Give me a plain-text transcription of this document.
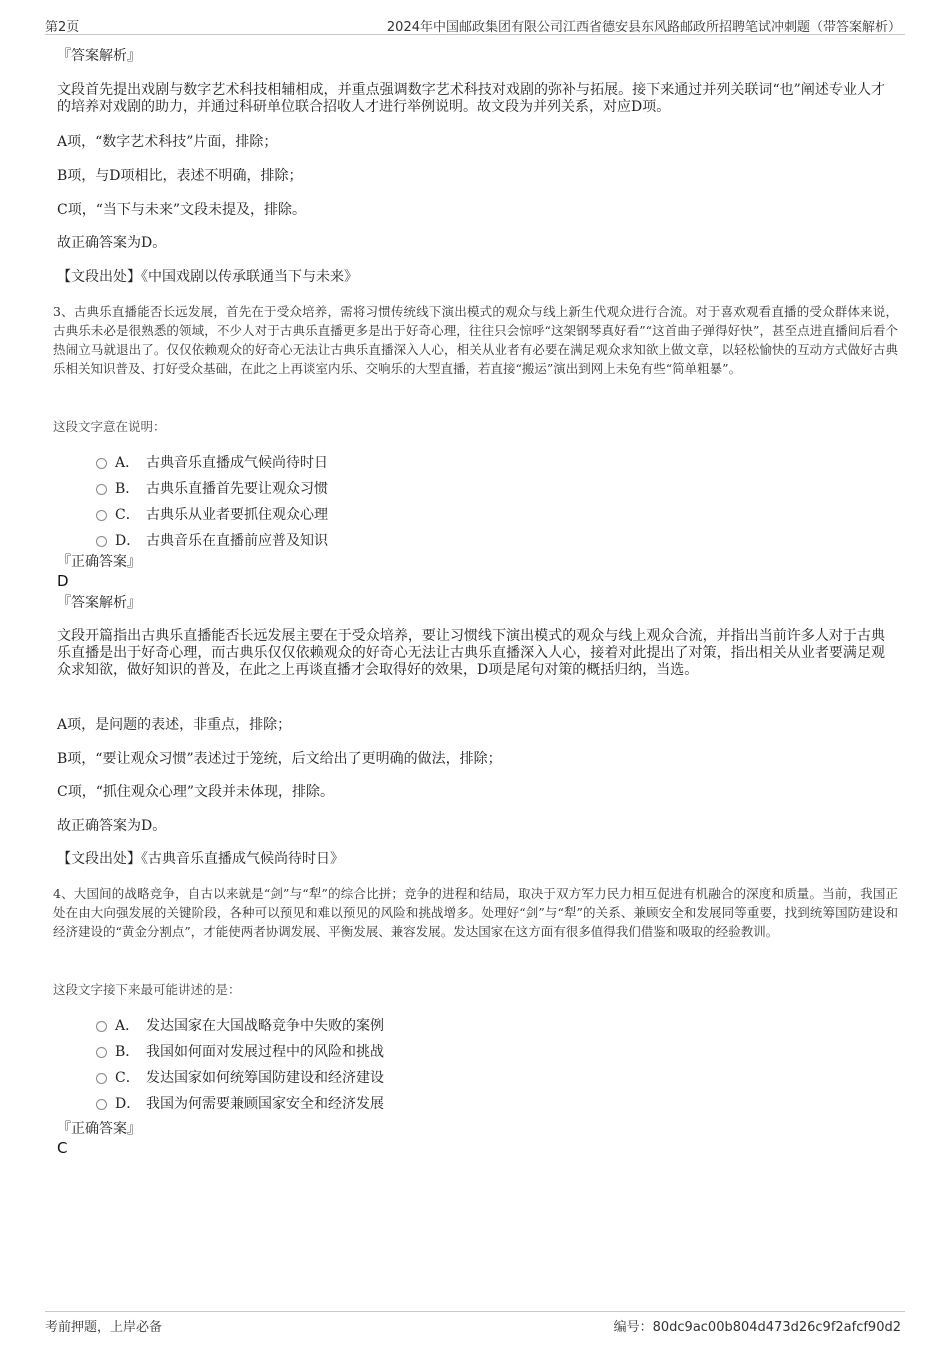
第2页	2024年中国邮政集团有限公司江西省德安县东风路邮政所招聘笔试冲刺题（带答案解析）
『答案解析』
文段首先提出戏剧与数字艺术科技相辅相成，并重点强调数字艺术科技对戏剧的弥补与拓展。接下来通过并列关联词“也”阐述专业人才的培养对戏剧的助力，并通过科研单位联合招收人才进行举例说明。故文段为并列关系，对应D项。
A项，“数字艺术科技”片面，排除；
B项，与D项相比，表述不明确，排除；
C项，“当下与未来”文段未提及，排除。
故正确答案为D。
【文段出处】《中国戏剧以传承联通当下与未来》
3、古典乐直播能否长远发展，首先在于受众培养，需将习惯传统线下演出模式的观众与线上新生代观众进行合流。对于喜欢观看直播的受众群体来说，古典乐未必是很熟悉的领域，不少人对于古典乐直播更多是出于好奇心理，往往只会惊呼“这架钢琴真好看”“这首曲子弹得好快”，甚至点进直播间后看个热闹立马就退出了。仅仅依赖观众的好奇心无法让古典乐直播深入人心，相关从业者有必要在满足观众求知欲上做文章，以轻松愉快的互动方式做好古典乐相关知识普及、打好受众基础，在此之上再谈室内乐、交响乐的大型直播，若直接“搬运”演出到网上未免有些“简单粗暴”。
这段文字意在说明：
A． 古典音乐直播成气候尚待时日
B． 古典乐直播首先要让观众习惯
C． 古典乐从业者要抓住观众心理
D． 古典音乐在直播前应普及知识
『正确答案』
D
『答案解析』
文段开篇指出古典乐直播能否长远发展主要在于受众培养，要让习惯线下演出模式的观众与线上观众合流，并指出当前许多人对于古典乐直播是出于好奇心理，而古典乐仅仅依赖观众的好奇心无法让古典乐直播深入人心，接着对此提出了对策，指出相关从业者要满足观众求知欲，做好知识的普及，在此之上再谈直播才会取得好的效果，D项是尾句对策的概括归纳，当选。
A项，是问题的表述，非重点，排除；
B项，“要让观众习惯”表述过于笼统，后文给出了更明确的做法，排除；
C项，“抓住观众心理”文段并未体现，排除。
故正确答案为D。
【文段出处】《古典音乐直播成气候尚待时日》
4、大国间的战略竞争，自古以来就是“剑”与“犁”的综合比拼；竞争的进程和结局，取决于双方军力民力相互促进有机融合的深度和质量。当前，我国正处在由大向强发展的关键阶段，各种可以预见和难以预见的风险和挑战增多。处理好“剑”与“犁”的关系、兼顾安全和发展同等重要，找到统筹国防建设和经济建设的“黄金分割点”，才能使两者协调发展、平衡发展、兼容发展。发达国家在这方面有很多值得我们借鉴和吸取的经验教训。
这段文字接下来最可能讲述的是：
A． 发达国家在大国战略竞争中失败的案例
B． 我国如何面对发展过程中的风险和挑战
C． 发达国家如何统筹国防建设和经济建设
D． 我国为何需要兼顾国家安全和经济发展
『正确答案』
C
考前押题，上岸必备	编号：80dc9ac00b804d473d26c9f2afcf90d2
